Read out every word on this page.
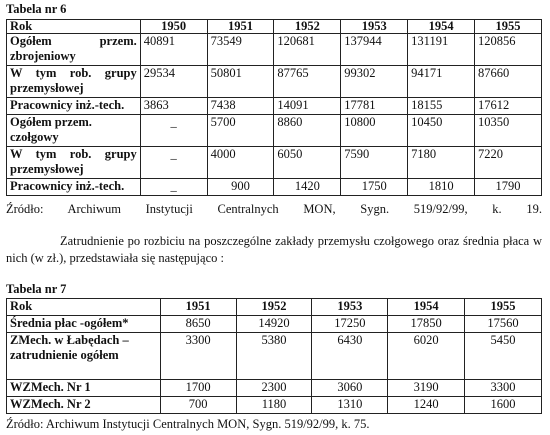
Tabela nr 6
Rok	1950	1951	1952	1953	1954	1955
Ogółem przem. zbrojeniowy	40891	73549	120681	137944	131191	120856
W tym rob. grupy przemysłowej	29534	50801	87765	99302	94171	87660
Pracownicy inż.-tech.	3863	7438	14091	17781	18155	17612
Ogółem przem. czołgowy	_	5700	8860	10800	10450	10350
W tym rob. grupy przemysłowej	_	4000	6050	7590	7180	7220
Pracownicy inż.-tech.	_	900	1420	1750	1810	1790
Źródło: Archiwum Instytucji Centralnych MON, Sygn. 519/92/99, k. 19.
Zatrudnienie po rozbiciu na poszczególne zakłady przemysłu czołgowego oraz średnia płaca w nich (w zł.), przedstawiała się następująco :
Tabela nr 7
Rok	1951	1952	1953	1954	1955
Średnia płac -ogółem*	8650	14920	17250	17850	17560
ZMech. w Łabędach – zatrudnienie ogółem	3300	5380	6430	6020	5450
WZMech. Nr 1	1700	2300	3060	3190	3300
WZMech. Nr 2	700	1180	1310	1240	1600
Źródło: Archiwum Instytucji Centralnych MON, Sygn. 519/92/99, k. 75.
